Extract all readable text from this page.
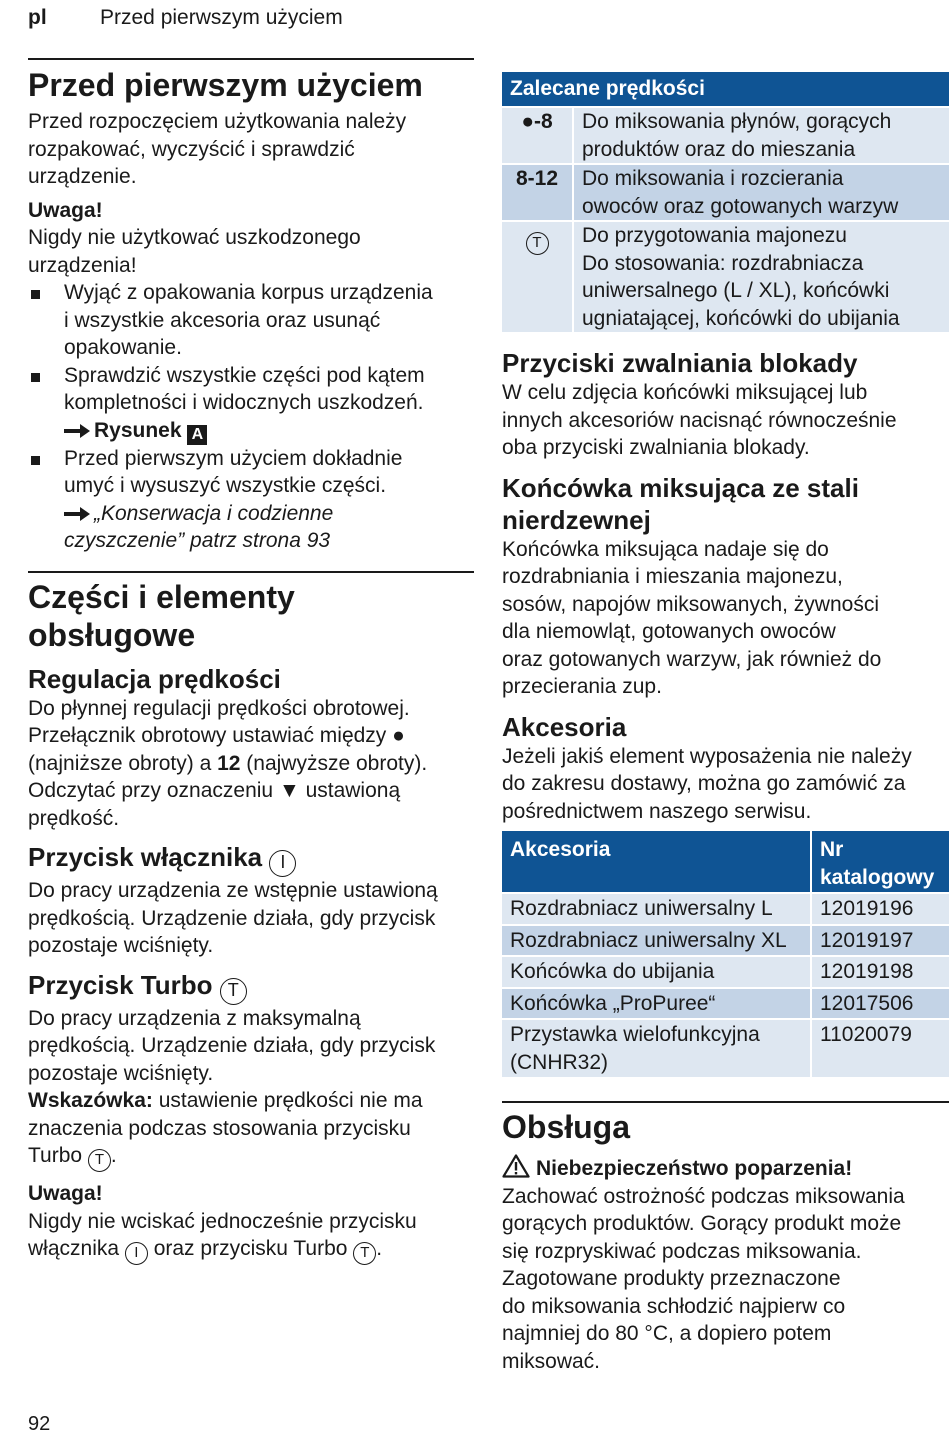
pl	Przed pierwszym użyciem
Przed pierwszym użyciem
Przed rozpoczęciem użytkowania należy
rozpakować, wyczyścić i sprawdzić
urządzenie.
Uwaga!
Nigdy nie użytkować uszkodzonego
urządzenia!
Wyjąć z opakowania korpus urządzenia
i wszystkie akcesoria oraz usunąć
opakowanie.
Sprawdzić wszystkie części pod kątem
kompletności i widocznych uszkodzeń.
Rysunek A
Przed pierwszym użyciem dokładnie
umyć i wysuszyć wszystkie części.
„Konserwacja i codzienne
czyszczenie” patrz strona 93
Części i elementy
obsługowe
Regulacja prędkości
Do płynnej regulacji prędkości obrotowej.
Przełącznik obrotowy ustawiać między ●
(najniższe obroty) a 12 (najwyższe obroty).
Odczytać przy oznaczeniu ▼ ustawioną
prędkość.
Przycisk włącznika I
Do pracy urządzenia ze wstępnie ustawioną
prędkością. Urządzenie działa, gdy przycisk
pozostaje wciśnięty.
Przycisk Turbo T
Do pracy urządzenia z maksymalną
prędkością. Urządzenie działa, gdy przycisk
pozostaje wciśnięty.
Wskazówka: ustawienie prędkości nie ma
znaczenia podczas stosowania przycisku
Turbo T .
Uwaga!
Nigdy nie wciskać jednocześnie przycisku
włącznika I oraz przycisku Turbo T .
Zalecane prędkości	
●-8	Do miksowania płynów, gorących
produktów oraz do mieszania

8-12	Do miksowania i rozcierania
owoców oraz gotowanych warzyw

T	Do przygotowania majonezu
Do stosowania: rozdrabniacza
uniwersalnego (L / XL), końcówki
ugniatającej, końcówki do ubijania
Przyciski zwalniania blokady
W celu zdjęcia końcówki miksującej lub
innych akcesoriów nacisnąć równocześnie
oba przyciski zwalniania blokady.
Końcówka miksująca ze stali
nierdzewnej
Końcówka miksująca nadaje się do
rozdrabniania i mieszania majonezu,
sosów, napojów miksowanych, żywności
dla niemowląt, gotowanych owoców
oraz gotowanych warzyw, jak również do
przecierania zup.
Akcesoria
Jeżeli jakiś element wyposażenia nie należy
do zakresu dostawy, można go zamówić za
pośrednictwem naszego serwisu.
Akcesoria	Nr
katalogowy

Rozdrabniacz uniwersalny L	12019196
Rozdrabniacz uniwersalny XL	12019197
Końcówka do ubijania	12019198
Końcówka „ProPuree“	12017506

Przystawka wielofunkcyjna
(CNHR32)	11020079
Obsługa
Niebezpieczeństwo poparzenia!
Zachować ostrożność podczas miksowania
gorących produktów. Gorący produkt może
się rozpryskiwać podczas miksowania.
Zagotowane produkty przeznaczone
do miksowania schłodzić najpierw co
najmniej do 80 °C, a dopiero potem
miksować.
92
